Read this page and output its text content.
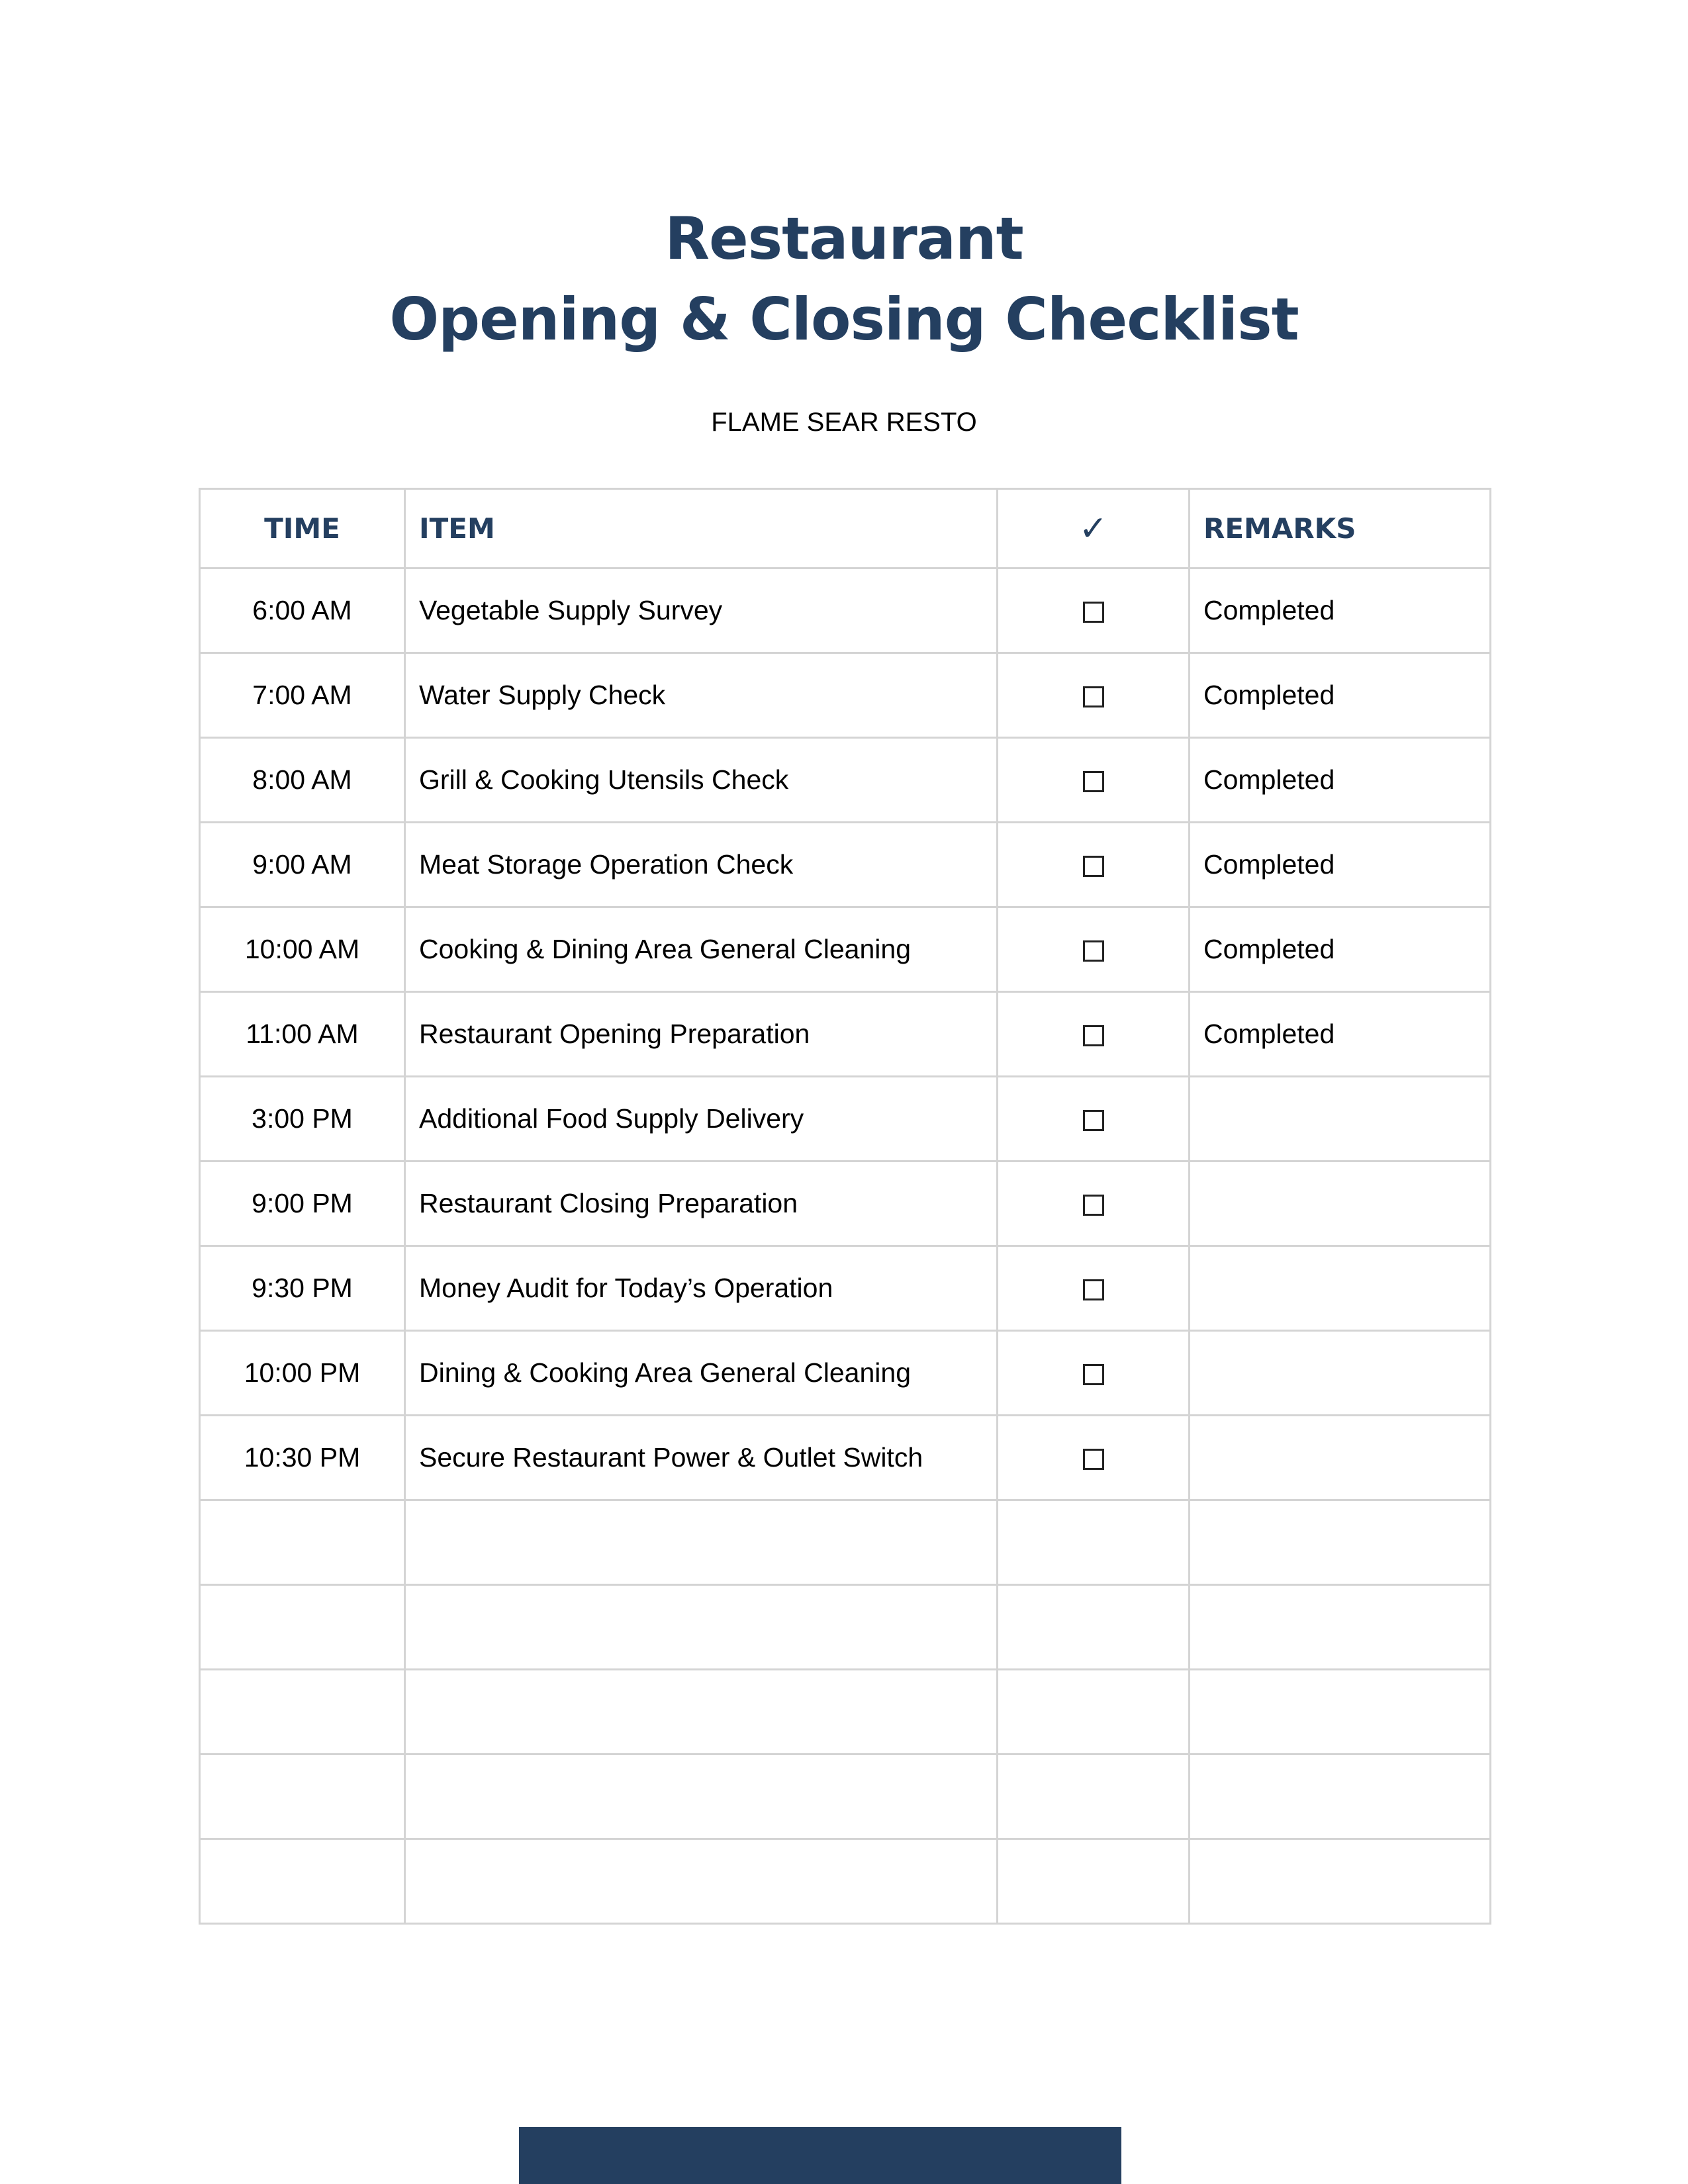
Restaurant
Opening & Closing Checklist
FLAME SEAR RESTO
TIME	ITEM	✓	REMARKS
6:00 AM	Vegetable Supply Survey		Completed
7:00 AM	Water Supply Check		Completed
8:00 AM	Grill & Cooking Utensils Check		Completed
9:00 AM	Meat Storage Operation Check		Completed
10:00 AM	Cooking & Dining Area General Cleaning		Completed
11:00 AM	Restaurant Opening Preparation		Completed
3:00 PM	Additional Food Supply Delivery		
9:00 PM	Restaurant Closing Preparation		
9:30 PM	Money Audit for Today’s Operation		
10:00 PM	Dining & Cooking Area General Cleaning		
10:30 PM	Secure Restaurant Power & Outlet Switch		
